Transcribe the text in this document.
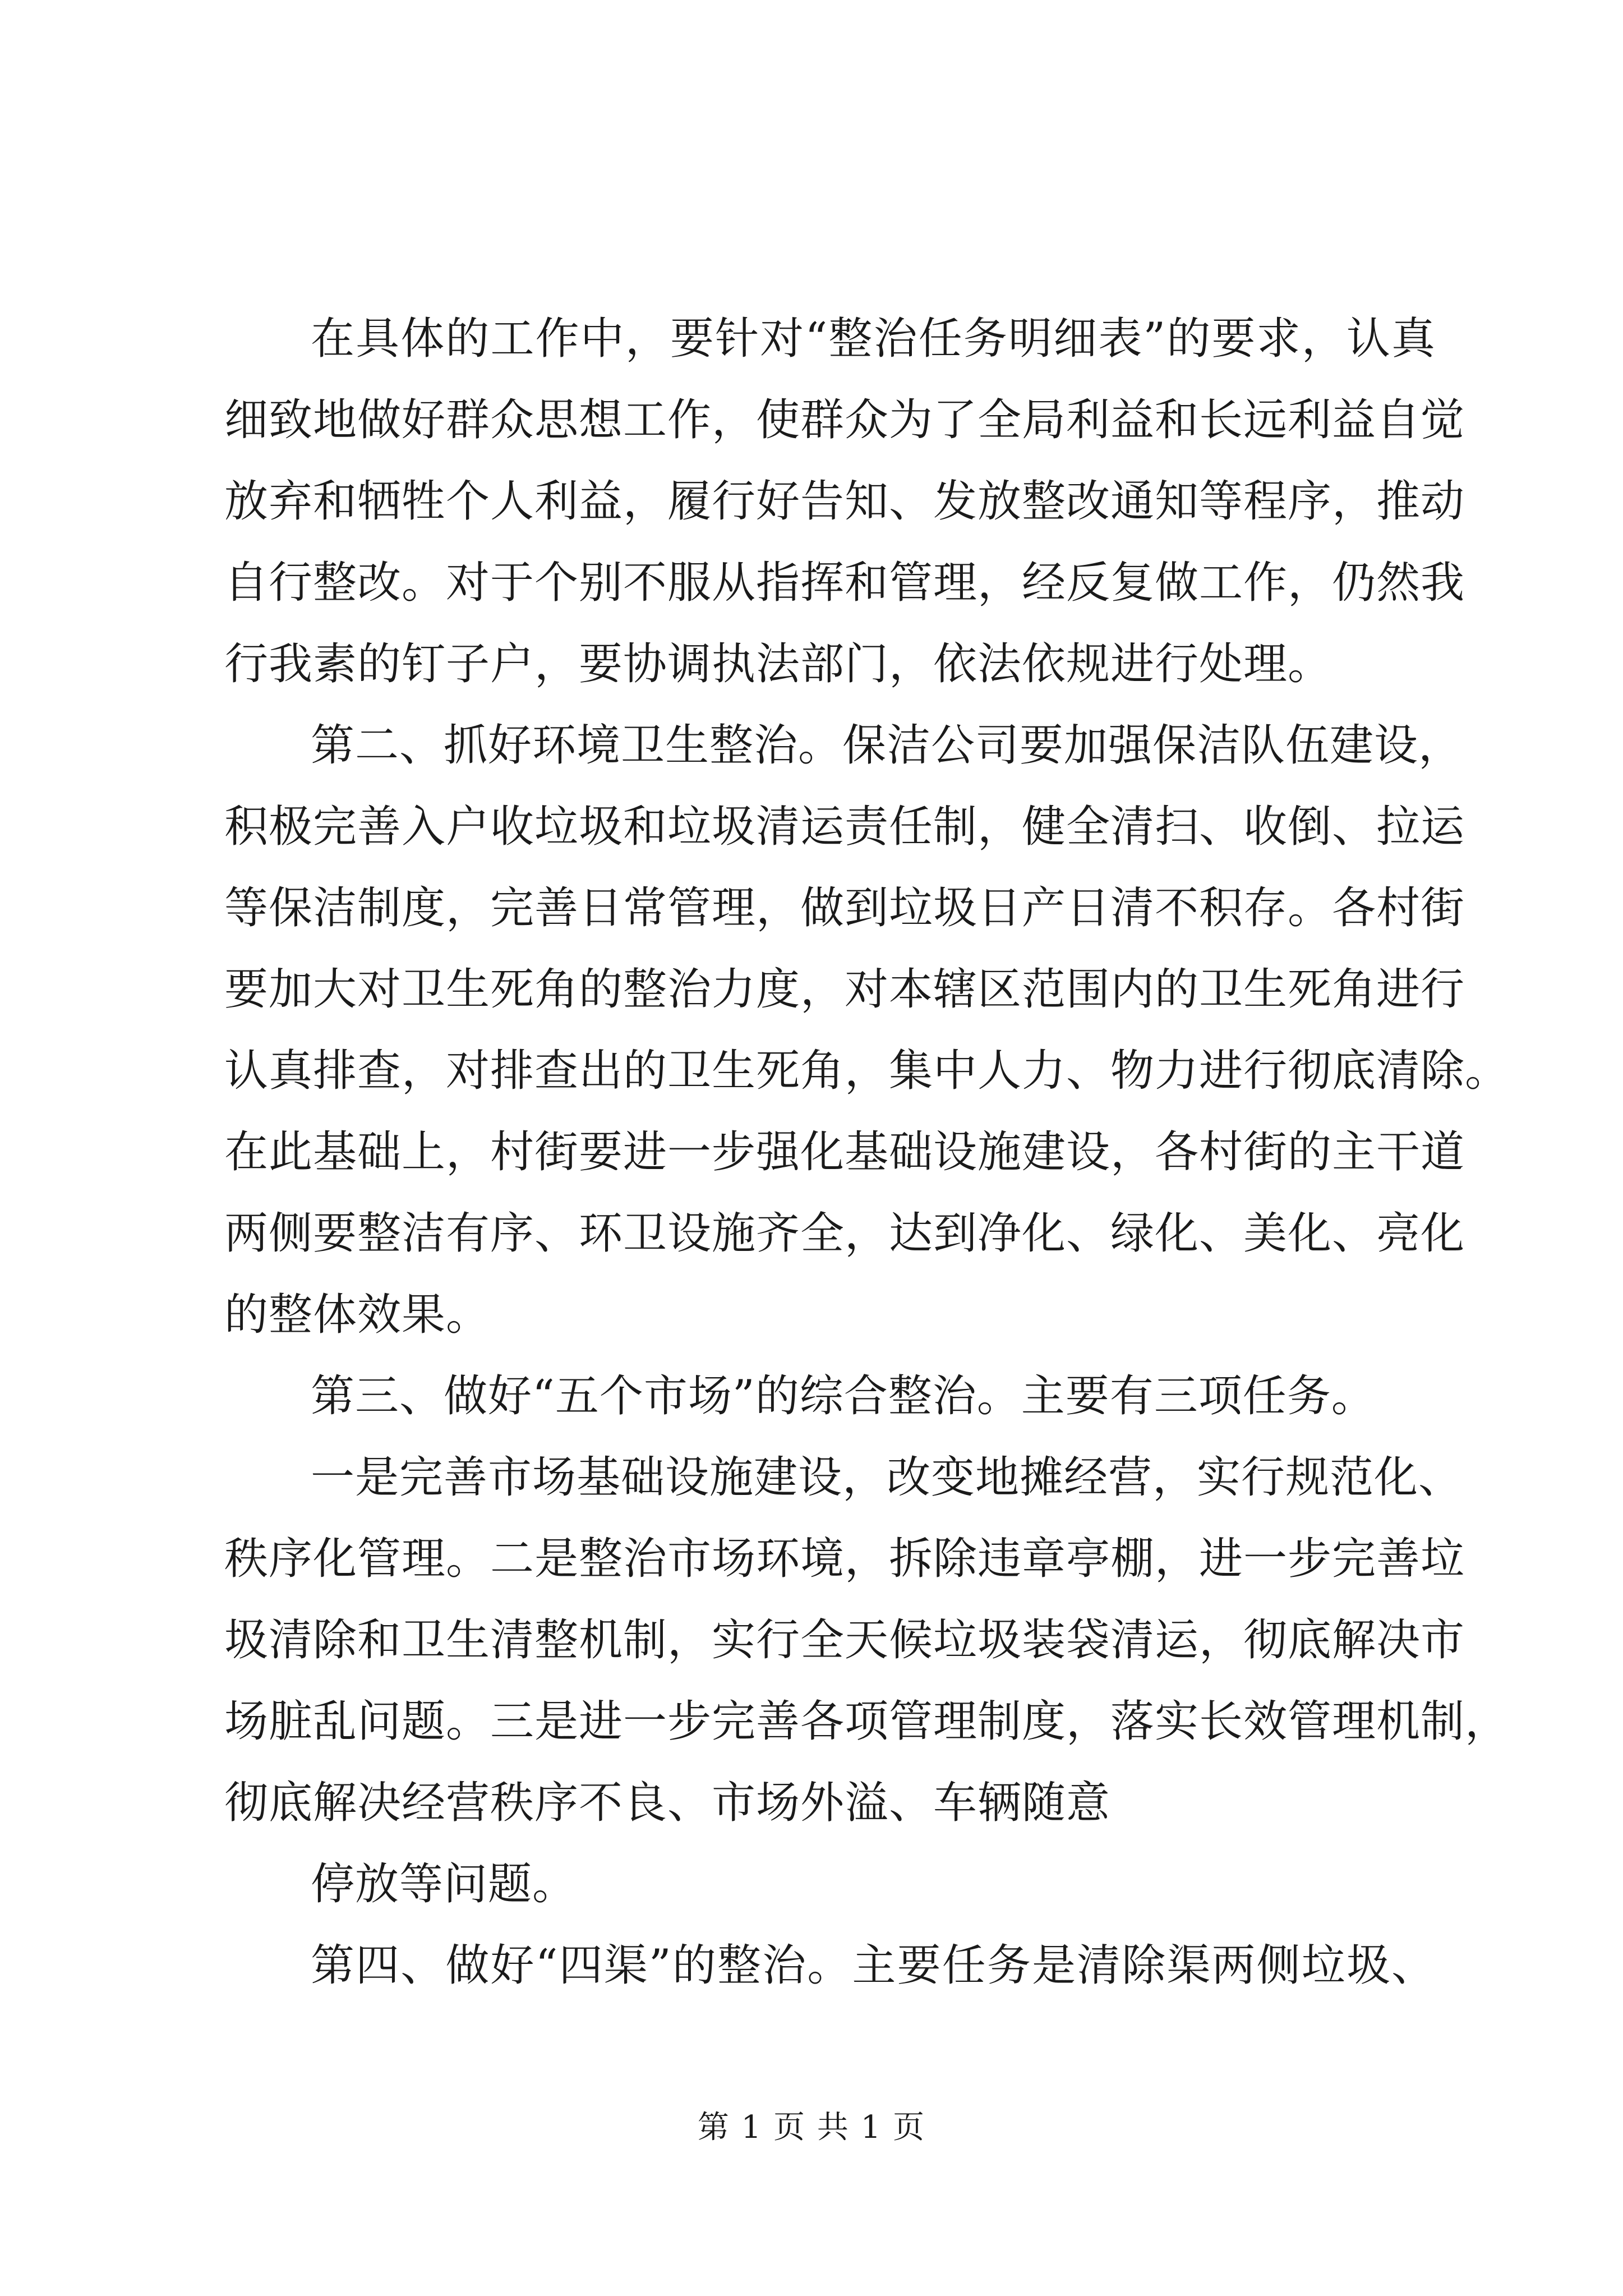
在具体的工作中，要针对“整治任务明细表”的要求，认真
细致地做好群众思想工作，使群众为了全局利益和长远利益自觉
放弃和牺牲个人利益，履行好告知、发放整改通知等程序，推动
自行整改。对于个别不服从指挥和管理，经反复做工作，仍然我
行我素的钉子户，要协调执法部门，依法依规进行处理。
第二、抓好环境卫生整治。保洁公司要加强保洁队伍建设，
积极完善入户收垃圾和垃圾清运责任制，健全清扫、收倒、拉运
等保洁制度，完善日常管理，做到垃圾日产日清不积存。各村街
要加大对卫生死角的整治力度，对本辖区范围内的卫生死角进行
认真排查，对排查出的卫生死角，集中人力、物力进行彻底清除。
在此基础上，村街要进一步强化基础设施建设，各村街的主干道
两侧要整洁有序、环卫设施齐全，达到净化、绿化、美化、亮化
的整体效果。
第三、做好“五个市场”的综合整治。主要有三项任务。
一是完善市场基础设施建设，改变地摊经营，实行规范化、
秩序化管理。二是整治市场环境，拆除违章亭棚，进一步完善垃
圾清除和卫生清整机制，实行全天候垃圾装袋清运，彻底解决市
场脏乱问题。三是进一步完善各项管理制度，落实长效管理机制，
彻底解决经营秩序不良、市场外溢、车辆随意
停放等问题。
第四、做好“四渠”的整治。主要任务是清除渠两侧垃圾、
第 1 页 共 1 页
